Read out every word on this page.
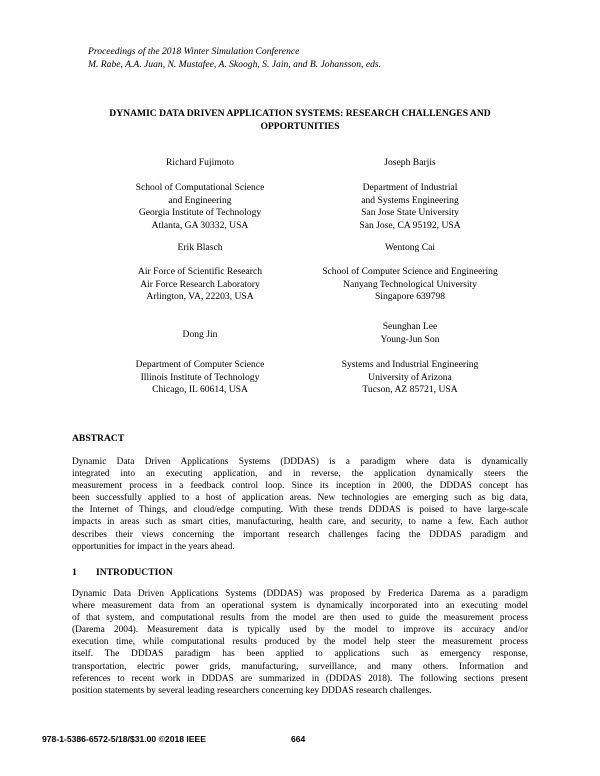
Proceedings of the 2018 Winter Simulation Conference
M. Rabe, A.A. Juan, N. Mustafee, A. Skoogh, S. Jain, and B. Johansson, eds.
DYNAMIC DATA DRIVEN APPLICATION SYSTEMS: RESEARCH CHALLENGES AND
OPPORTUNITIES
Richard Fujimoto
School of Computational Science
and Engineering
Georgia Institute of Technology
Atlanta, GA 30332, USA
Joseph Barjis
Department of Industrial
and Systems Engineering
San Jose State University
San Jose, CA 95192, USA
Erik Blasch
Air Force of Scientific Research
Air Force Research Laboratory
Arlington, VA, 22203, USA
Wentong Cai
School of Computer Science and Engineering
Nanyang Technological University
Singapore 639798
Dong Jin
Department of Computer Science
Illinois Institute of Technology
Chicago, IL 60614, USA
Seunghan Lee
Young-Jun Son
Systems and Industrial Engineering
University of Arizona
Tucson, AZ 85721, USA
ABSTRACT
Dynamic Data Driven Applications Systems (DDDAS) is a paradigm where data is dynamically
integrated into an executing application, and in reverse, the application dynamically steers the
measurement process in a feedback control loop. Since its inception in 2000, the DDDAS concept has
been successfully applied to a host of application areas. New technologies are emerging such as big data,
the Internet of Things, and cloud/edge computing. With these trends DDDAS is poised to have large-scale
impacts in areas such as smart cities, manufacturing, health care, and security, to name a few. Each author
describes their views concerning the important research challenges facing the DDDAS paradigm and
opportunities for impact in the years ahead.
1 INTRODUCTION
Dynamic Data Driven Applications Systems (DDDAS) was proposed by Frederica Darema as a paradigm
where measurement data from an operational system is dynamically incorporated into an executing model
of that system, and computational results from the model are then used to guide the measurement process
(Darema 2004). Measurement data is typically used by the model to improve its accuracy and/or
execution time, while computational results produced by the model help steer the measurement process
itself. The DDDAS paradigm has been applied to applications such as emergency response,
transportation, electric power grids, manufacturing, surveillance, and many others. Information and
references to recent work in DDDAS are summarized in (DDDAS 2018). The following sections present
position statements by several leading researchers concerning key DDDAS research challenges.
978-1-5386-6572-5/18/$31.00 ©2018 IEEE	664
